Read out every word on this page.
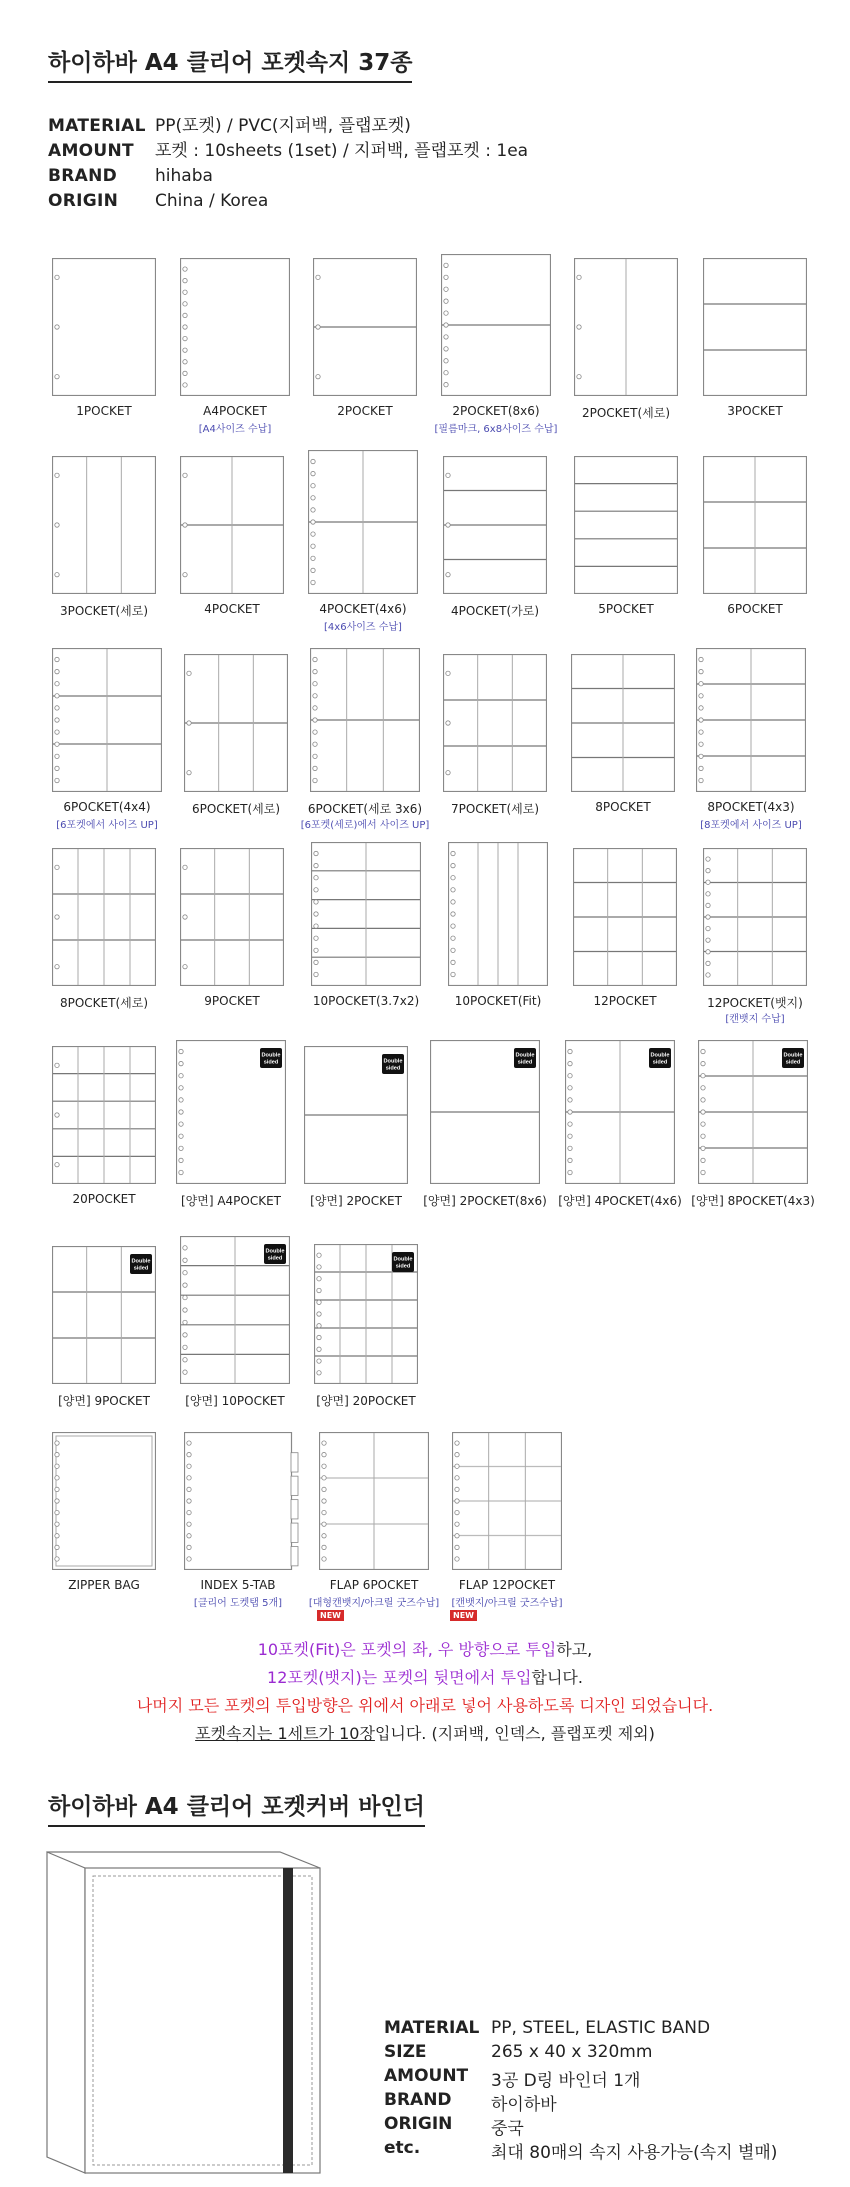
하이하바 A4 클리어 포켓속지 37종
MATERIAL PP(포켓) / PVC(지퍼백, 플랩포켓)
AMOUNT 포켓 : 10sheets (1set) / 지퍼백, 플랩포켓 : 1ea
BRAND hihaba
ORIGIN China / Korea
1POCKET	A4POCKET
[A4사이즈 수납]
2POCKET	2POCKET(8x6)
[필름마크, 6x8사이즈 수납]
2POCKET(세로)	3POCKET
3POCKET(세로)	4POCKET	4POCKET(4x6)
[4x6사이즈 수납]
4POCKET(가로)	5POCKET	6POCKET
6POCKET(4x4)
[6포켓에서 사이즈 UP]
6POCKET(세로)	6POCKET(세로 3x6)
[6포켓(세로)에서 사이즈 UP]
7POCKET(세로)	8POCKET	8POCKET(4x3)
[8포켓에서 사이즈 UP]
8POCKET(세로)	9POCKET	10POCKET(3.7x2)	10POCKET(Fit)	12POCKET	12POCKET(뱃지)
[캔뱃지 수납]
20POCKET
Double
sided
[양면] A4POCKET
Double
sided
[양면] 2POCKET
Double
sided
[양면] 2POCKET(8x6)
Double
sided
[양면] 4POCKET(4x6)
Double
sided
[양면] 8POCKET(4x3)
Double
sided
[양면] 9POCKET
Double
sided
[양면] 10POCKET
Double
sided
[양면] 20POCKET
ZIPPER BAG	INDEX 5-TAB
[클리어 도켓탭 5개]
FLAP 6POCKET
[대형캔뱃지/아크릴 굿즈수납]
NEW
FLAP 12POCKET
[캔뱃지/아크릴 굿즈수납]
NEW
10포켓(Fit)은 포켓의 좌, 우 방향으로 투입하고,
12포켓(뱃지)는 포켓의 뒷면에서 투입합니다.
나머지 모든 포켓의 투입방향은 위에서 아래로 넣어 사용하도록 디자인 되었습니다.
포켓속지는 1세트가 10장입니다. (지퍼백, 인덱스, 플랩포켓 제외)
하이하바 A4 클리어 포켓커버 바인더
MATERIAL PP, STEEL, ELASTIC BAND
SIZE	265 x 40 x 320mm
AMOUNT 3공 D링 바인더 1개
BRAND 하이하바
ORIGIN 중국
etc.	최대 80매의 속지 사용가능(속지 별매)
